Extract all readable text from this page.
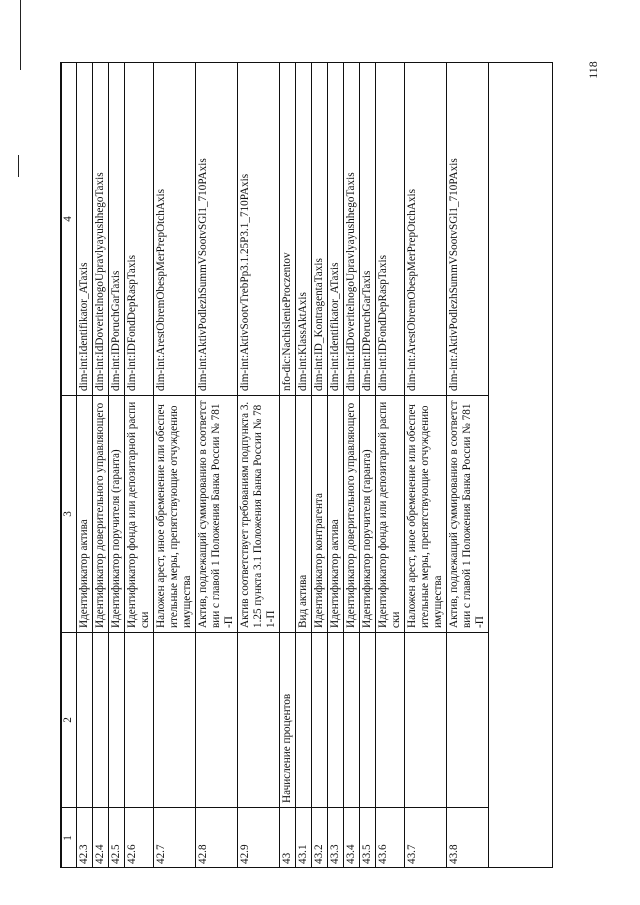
118
1	2	3	4
42.3		Идентификатор актива	dim-int:Identifikator_ATaxis
42.4		Идентификатор доверительного управляющего	dim-int:IdDoveritelnogoUpravlyayushhegoTaxis
42.5		Идентификатор поручителя (гаранта)	dim-int:IDPoruchGarTaxis
42.6		Идентификатор фонда или депозитарной расписки	dim-int:IDFondDepRaspTaxis
42.7		Наложен арест, иное обременение или обеспечительные меры, препятствующие отчуждению имущества	dim-int:ArestObremObespMerPrepOtchAxis
42.8		Актив, подлежащий суммированию в соответствии с главой 1 Положения Банка России № 781-П	dim-int:AktivPodlezhSummVSootvSGl1_710PAxis
42.9		Актив соответствует требованиям подпункта 3.1.25 пункта 3.1 Положения Банка России № 781-П	dim-int:AktivSootvTrebPp3.1.25P3.1_710PAxis
43	Начисление процентов		nfo-dic:NachislenieProczentov
43.1		Вид актива	dim-int:KlassAktAxis
43.2		Идентификатор контрагента	dim-int:ID_KontragentaTaxis
43.3		Идентификатор актива	dim-int:Identifikator_ATaxis
43.4		Идентификатор доверительного управляющего	dim-int:IdDoveritelnogoUpravlyayushhegoTaxis
43.5		Идентификатор поручителя (гаранта)	dim-int:IDPoruchGarTaxis
43.6		Идентификатор фонда или депозитарной расписки	dim-int:IDFondDepRaspTaxis
43.7		Наложен арест, иное обременение или обеспечительные меры, препятствующие отчуждению имущества	dim-int:ArestObremObespMerPrepOtchAxis
43.8		Актив, подлежащий суммированию в соответствии с главой 1 Положения Банка России № 781-П	dim-int:AktivPodlezhSummVSootvSGl1_710PAxis
